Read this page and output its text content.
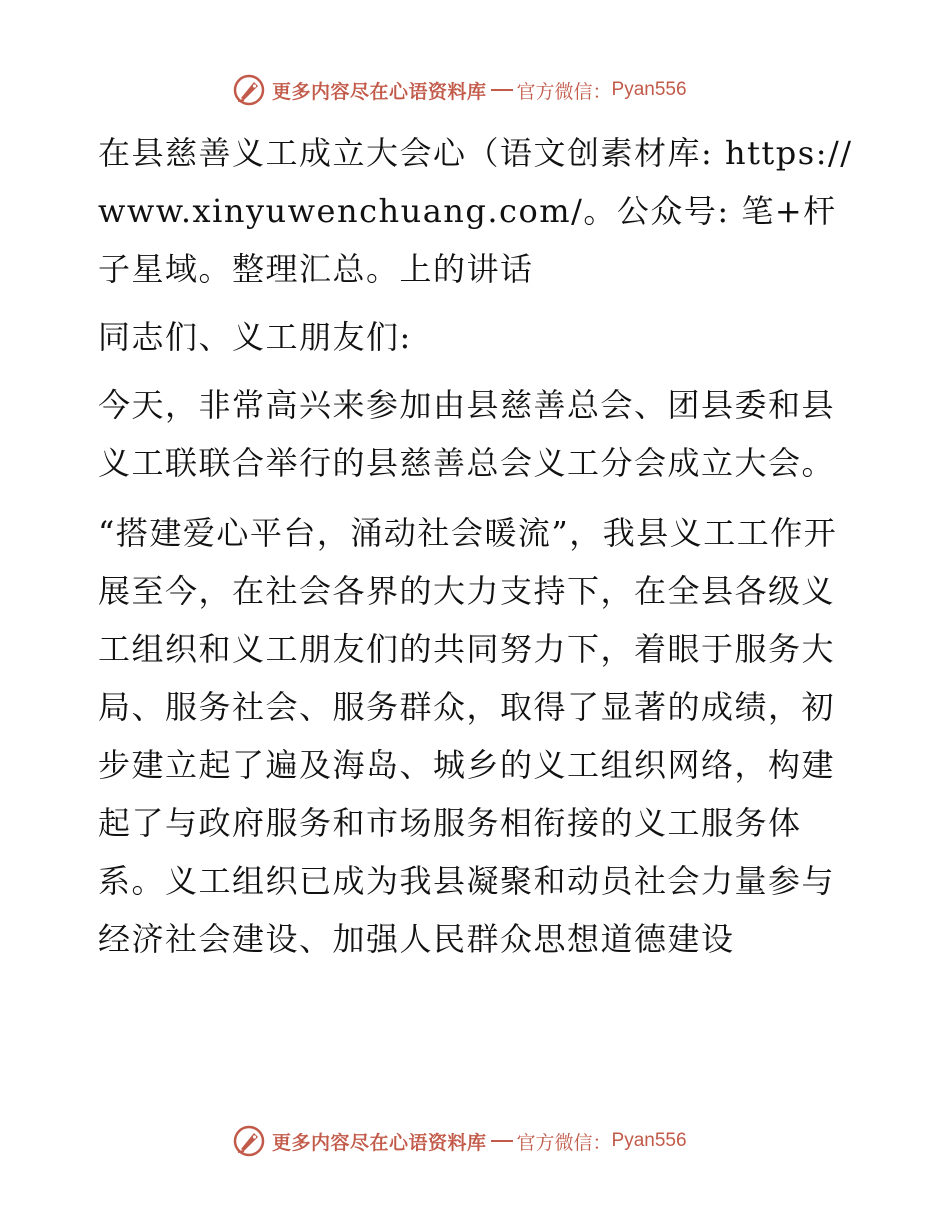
更多内容尽在心语资料库 官方微信： Pyan556

在县慈善义工成立大会心（语文创素材库: https://www.xinyuwenchuang.com/。公众号: 笔+杆子星域。整理汇总。上的讲话

同志们、义工朋友们:

今天，非常高兴来参加由县慈善总会、团县委和县义工联联合举行的县慈善总会义工分会成立大会。

“搭建爱心平台，涌动社会暖流”，我县义工工作开展至今，在社会各界的大力支持下，在全县各级义工组织和义工朋友们的共同努力下，着眼于服务大局、服务社会、服务群众，取得了显著的成绩，初步建立起了遍及海岛、城乡的义工组织网络，构建起了与政府服务和市场服务相衔接的义工服务体系。义工组织已成为我县凝聚和动员社会力量参与经济社会建设、加强人民群众思想道德建设

更多内容尽在心语资料库 官方微信： Pyan556
